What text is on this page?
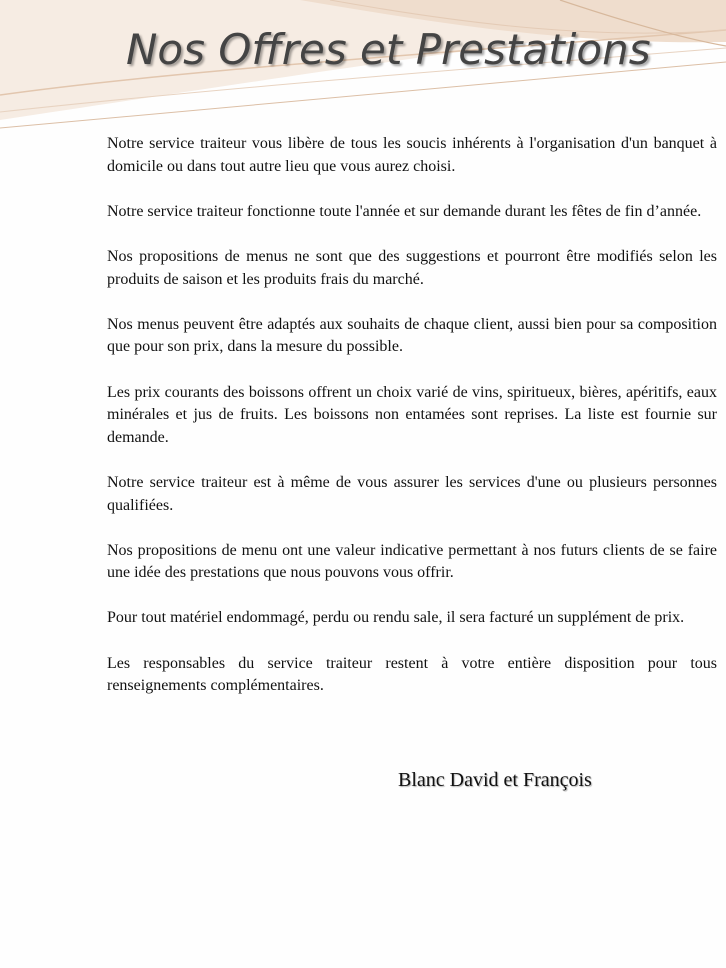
Nos Offres et Prestations

Notre service traiteur vous libère de tous les soucis inhérents à l'organisation d'un banquet à domicile ou dans tout autre lieu que vous aurez choisi.

Notre service traiteur fonctionne toute l'année et sur demande durant les fêtes de fin d’année.

Nos propositions de menus ne sont que des suggestions et pourront être modifiés selon les produits de saison et les produits frais du marché.

Nos menus peuvent être adaptés aux souhaits de chaque client, aussi bien pour sa composition que pour son prix, dans la mesure du possible.

Les prix courants des boissons offrent un choix varié de vins, spiritueux, bières, apéritifs, eaux minérales et jus de fruits. Les boissons non entamées sont reprises. La liste est fournie sur demande.

Notre service traiteur est à même de vous assurer les services d'une ou plusieurs personnes qualifiées.

Nos propositions de menu ont une valeur indicative permettant à nos futurs clients de se faire une idée des prestations que nous pouvons vous offrir.

Pour tout matériel endommagé, perdu ou rendu sale, il sera facturé un supplément de prix.

Les responsables du service traiteur restent à votre entière disposition pour tous renseignements complémentaires.

Blanc David et François
